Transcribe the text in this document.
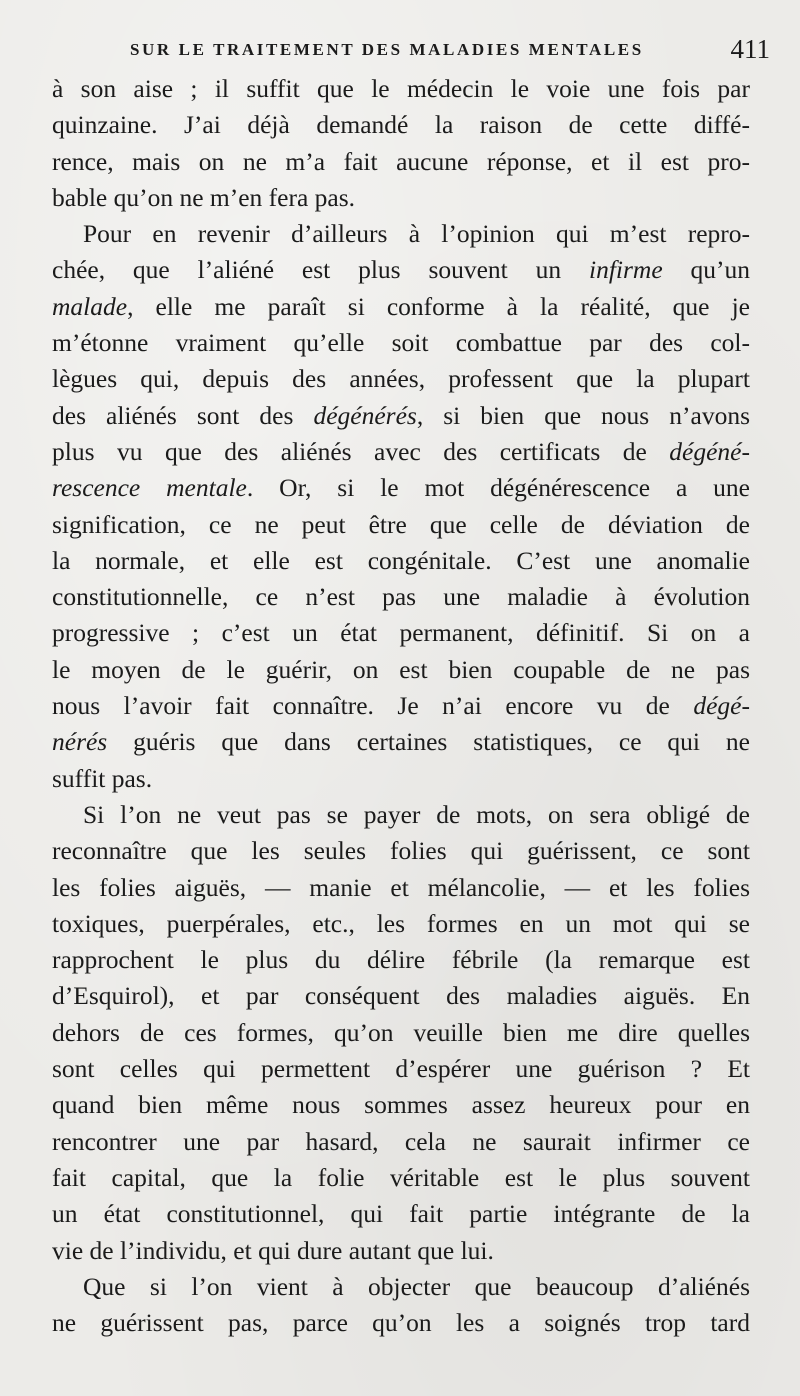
SUR LE TRAITEMENT DES MALADIES MENTALES	411
à son aise ; il suffit que le médecin le voie une fois par
quinzaine. J’ai déjà demandé la raison de cette diffé-
rence, mais on ne m’a fait aucune réponse, et il est pro-
bable qu’on ne m’en fera pas.
Pour en revenir d’ailleurs à l’opinion qui m’est repro-
chée, que l’aliéné est plus souvent un infirme qu’un
malade, elle me paraît si conforme à la réalité, que je
m’étonne vraiment qu’elle soit combattue par des col-
lègues qui, depuis des années, professent que la plupart
des aliénés sont des dégénérés, si bien que nous n’avons
plus vu que des aliénés avec des certificats de dégéné-
rescence mentale. Or, si le mot dégénérescence a une
signification, ce ne peut être que celle de déviation de
la normale, et elle est congénitale. C’est une anomalie
constitutionnelle, ce n’est pas une maladie à évolution
progressive ; c’est un état permanent, définitif. Si on a
le moyen de le guérir, on est bien coupable de ne pas
nous l’avoir fait connaître. Je n’ai encore vu de dégé-
nérés guéris que dans certaines statistiques, ce qui ne
suffit pas.
Si l’on ne veut pas se payer de mots, on sera obligé de
reconnaître que les seules folies qui guérissent, ce sont
les folies aiguës, — manie et mélancolie, — et les folies
toxiques, puerpérales, etc., les formes en un mot qui se
rapprochent le plus du délire fébrile (la remarque est
d’Esquirol), et par conséquent des maladies aiguës. En
dehors de ces formes, qu’on veuille bien me dire quelles
sont celles qui permettent d’espérer une guérison ? Et
quand bien même nous sommes assez heureux pour en
rencontrer une par hasard, cela ne saurait infirmer ce
fait capital, que la folie véritable est le plus souvent
un état constitutionnel, qui fait partie intégrante de la
vie de l’individu, et qui dure autant que lui.
Que si l’on vient à objecter que beaucoup d’aliénés
ne guérissent pas, parce qu’on les a soignés trop tard
